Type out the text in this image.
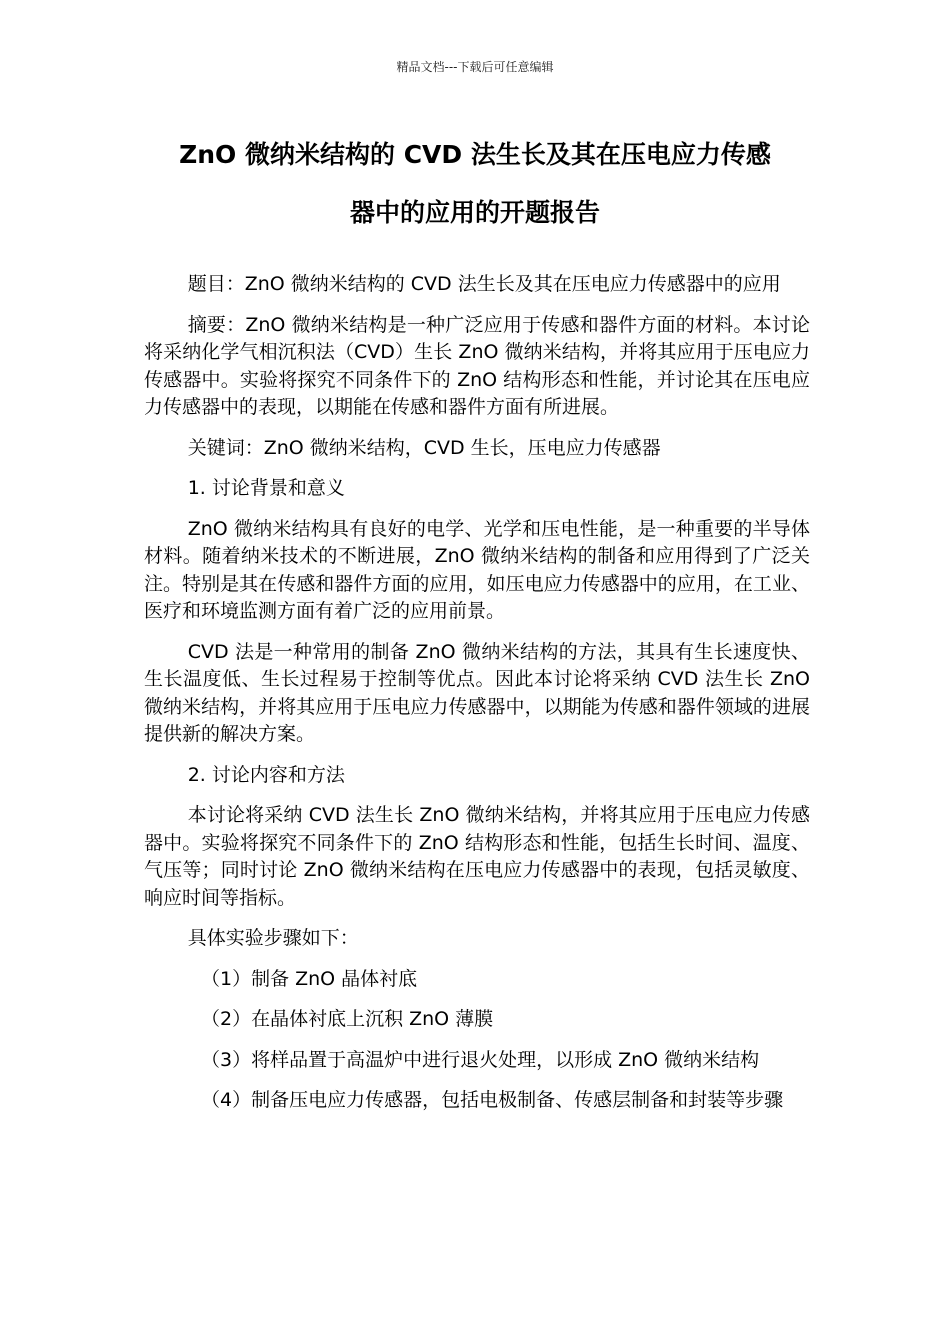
精品文档---下载后可任意编辑
ZnO 微纳米结构的 CVD 法生长及其在压电应力传感
器中的应用的开题报告

题目：ZnO 微纳米结构的 CVD 法生长及其在压电应力传感器中的应用

摘要：ZnO 微纳米结构是一种广泛应用于传感和器件方面的材料。本讨论将采纳化学气相沉积法（CVD）生长 ZnO 微纳米结构，并将其应用于压电应力传感器中。实验将探究不同条件下的 ZnO 结构形态和性能，并讨论其在压电应力传感器中的表现，以期能在传感和器件方面有所进展。

关键词：ZnO 微纳米结构，CVD 生长，压电应力传感器

1. 讨论背景和意义

ZnO 微纳米结构具有良好的电学、光学和压电性能，是一种重要的半导体材料。随着纳米技术的不断进展，ZnO 微纳米结构的制备和应用得到了广泛关注。特别是其在传感和器件方面的应用，如压电应力传感器中的应用，在工业、医疗和环境监测方面有着广泛的应用前景。

CVD 法是一种常用的制备 ZnO 微纳米结构的方法，其具有生长速度快、生长温度低、生长过程易于控制等优点。因此本讨论将采纳 CVD 法生长 ZnO 微纳米结构，并将其应用于压电应力传感器中，以期能为传感和器件领域的进展提供新的解决方案。

2. 讨论内容和方法

本讨论将采纳 CVD 法生长 ZnO 微纳米结构，并将其应用于压电应力传感器中。实验将探究不同条件下的 ZnO 结构形态和性能，包括生长时间、温度、气压等；同时讨论 ZnO 微纳米结构在压电应力传感器中的表现，包括灵敏度、响应时间等指标。

具体实验步骤如下：

（1）制备 ZnO 晶体衬底

（2）在晶体衬底上沉积 ZnO 薄膜

（3）将样品置于高温炉中进行退火处理，以形成 ZnO 微纳米结构

（4）制备压电应力传感器，包括电极制备、传感层制备和封装等步骤
